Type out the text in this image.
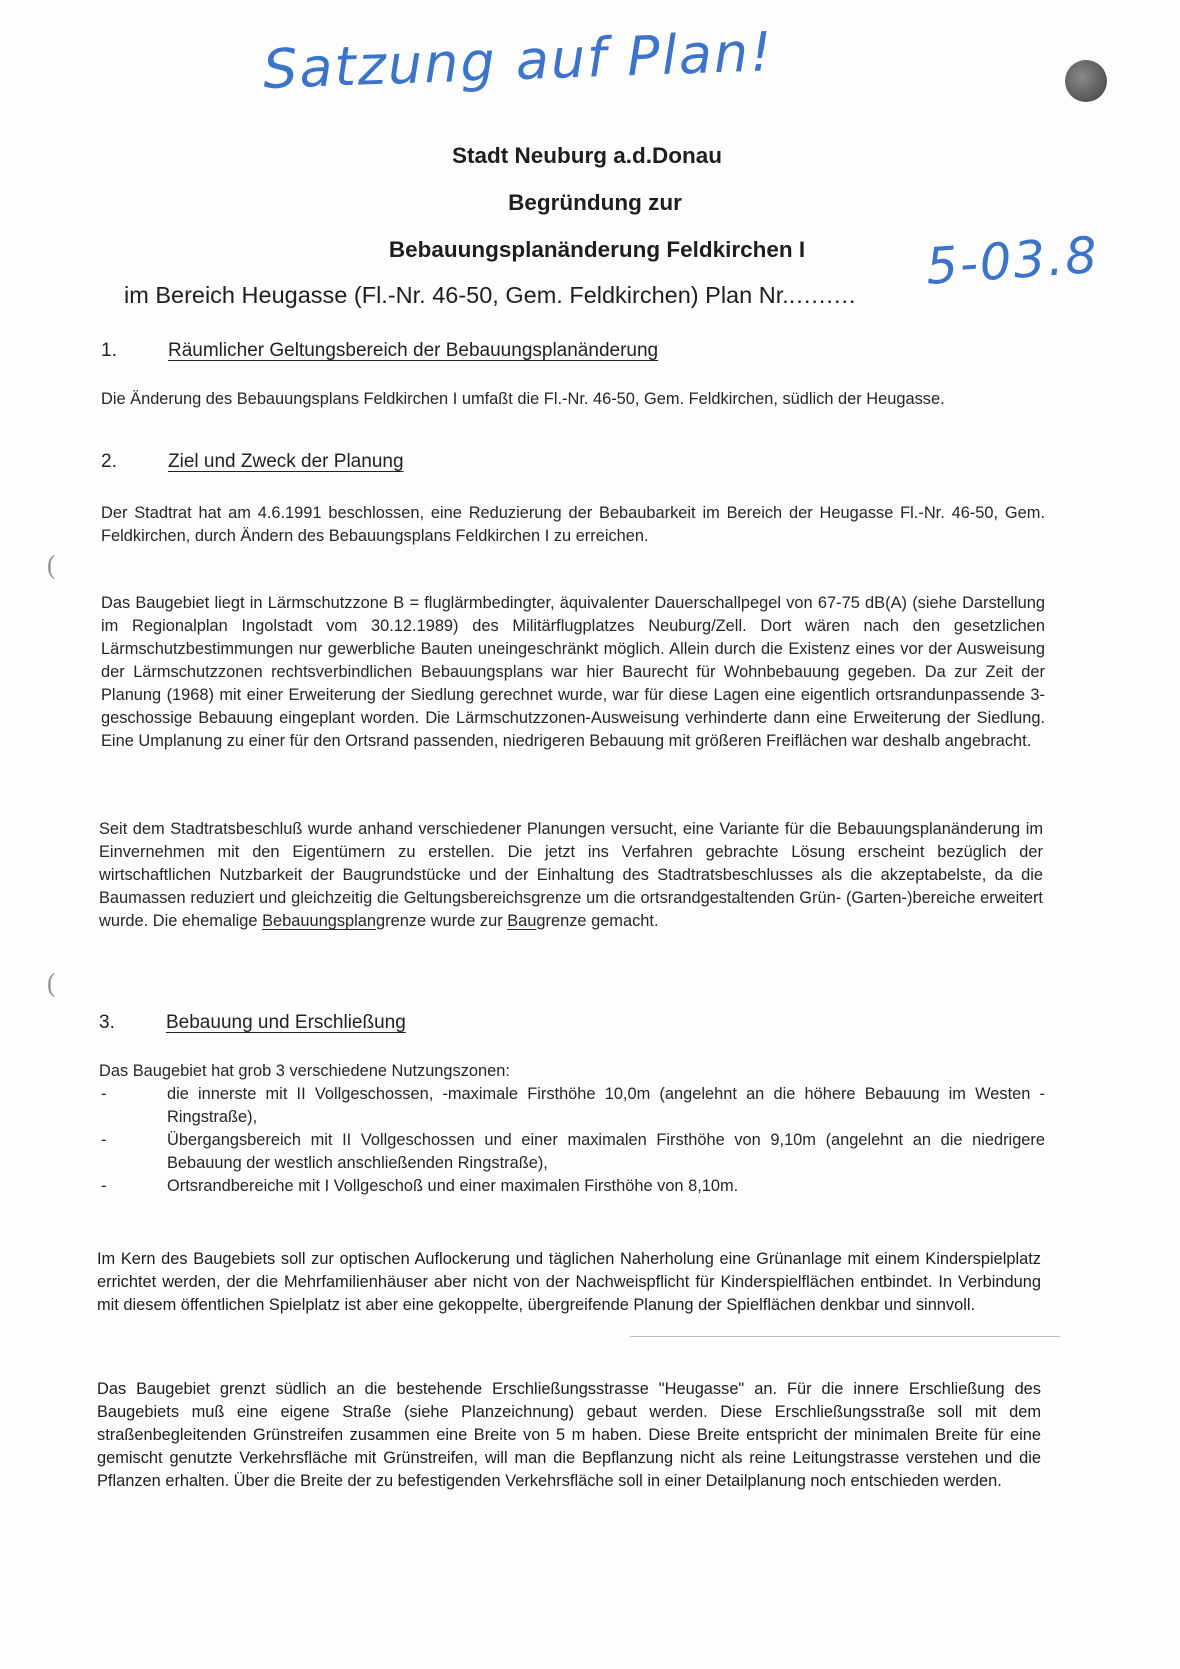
Satzung auf Plan!
Stadt Neuburg a.d.Donau
Begründung zur
Bebauungsplanänderung Feldkirchen I
im Bereich Heugasse (Fl.-Nr. 46-50, Gem. Feldkirchen) Plan Nr.......... 5-03.8
1.	Räumlicher Geltungsbereich der Bebauungsplanänderung
Die Änderung des Bebauungsplans Feldkirchen I umfaßt die Fl.-Nr. 46-50, Gem. Feldkirchen, südlich der Heugasse.
2.	Ziel und Zweck der Planung
Der Stadtrat hat am 4.6.1991 beschlossen, eine Reduzierung der Bebaubarkeit im Bereich der Heugasse Fl.-Nr. 46-50, Gem. Feldkirchen, durch Ändern des Bebauungsplans Feldkirchen I zu erreichen.
(
Das Baugebiet liegt in Lärmschutzzone B = fluglärmbedingter, äquivalenter Dauerschallpegel von 67-75 dB(A) (siehe Darstellung im Regionalplan Ingolstadt vom 30.12.1989) des Militärflugplatzes Neuburg/Zell. Dort wären nach den gesetzlichen Lärmschutzbestimmungen nur gewerbliche Bauten uneingeschränkt möglich. Allein durch die Existenz eines vor der Ausweisung der Lärmschutzzonen rechtsverbindlichen Bebauungsplans war hier Baurecht für Wohnbebauung gegeben. Da zur Zeit der Planung (1968) mit einer Erweiterung der Siedlung gerechnet wurde, war für diese Lagen eine eigentlich ortsrandunpassende 3-geschossige Bebauung eingeplant worden. Die Lärmschutzzonen-Ausweisung verhinderte dann eine Erweiterung der Siedlung. Eine Umplanung zu einer für den Ortsrand passenden, niedrigeren Bebauung mit größeren Freiflächen war deshalb angebracht.
Seit dem Stadtratsbeschluß wurde anhand verschiedener Planungen versucht, eine Variante für die Bebauungsplanänderung im Einvernehmen mit den Eigentümern zu erstellen. Die jetzt ins Verfahren gebrachte Lösung erscheint bezüglich der wirtschaftlichen Nutzbarkeit der Baugrundstücke und der Einhaltung des Stadtratsbeschlusses als die akzeptabelste, da die Baumassen reduziert und gleichzeitig die Geltungsbereichsgrenze um die ortsrandgestaltenden Grün- (Garten-)bereiche erweitert wurde. Die ehemalige Bebauungsplangrenze wurde zur Baugrenze gemacht.
(
3.	Bebauung und Erschließung
Das Baugebiet hat grob 3 verschiedene Nutzungszonen:
-	die innerste mit II Vollgeschossen, -maximale Firsthöhe 10,0m (angelehnt an die höhere Bebauung im Westen - Ringstraße),
-	Übergangsbereich mit II Vollgeschossen und einer maximalen Firsthöhe von 9,10m (angelehnt an die niedrigere Bebauung der westlich anschließenden Ringstraße),
-	Ortsrandbereiche mit I Vollgeschoß und einer maximalen Firsthöhe von 8,10m.
Im Kern des Baugebiets soll zur optischen Auflockerung und täglichen Naherholung eine Grünanlage mit einem Kinderspielplatz errichtet werden, der die Mehrfamilienhäuser aber nicht von der Nachweispflicht für Kinderspielflächen entbindet. In Verbindung mit diesem öffentlichen Spielplatz ist aber eine gekoppelte, übergreifende Planung der Spielflächen denkbar und sinnvoll.
Das Baugebiet grenzt südlich an die bestehende Erschließungsstrasse "Heugasse" an. Für die innere Erschließung des Baugebiets muß eine eigene Straße (siehe Planzeichnung) gebaut werden. Diese Erschließungsstraße soll mit dem straßenbegleitenden Grünstreifen zusammen eine Breite von 5 m haben. Diese Breite entspricht der minimalen Breite für eine gemischt genutzte Verkehrsfläche mit Grünstreifen, will man die Bepflanzung nicht als reine Leitungstrasse verstehen und die Pflanzen erhalten. Über die Breite der zu befestigenden Verkehrsfläche soll in einer Detailplanung noch entschieden werden.
